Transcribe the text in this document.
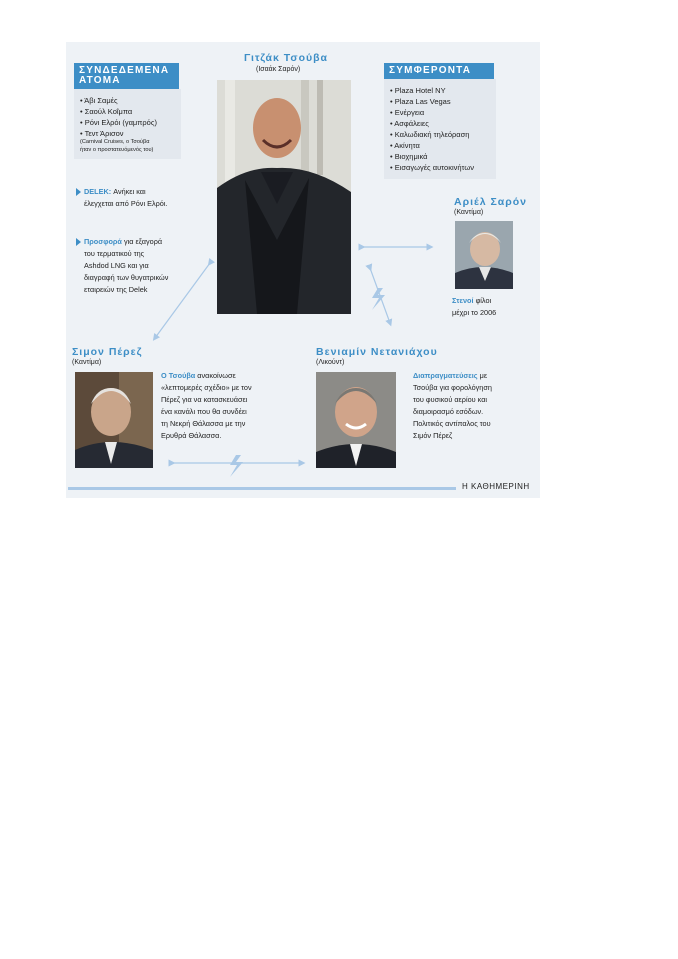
Γιτζάκ Τσούβα
(Ισαάκ Σαρόν)
ΣΥΝΔΕΔΕΜΕΝΑ
ΑΤΟΜΑ
• Άβι Σαμές
• Σαούλ Κοΐμπα
• Ρόνι Ελρόι (γαμπρός)
• Τεντ Άρισον
(Carnival Cruises, ο Τσούβα
ήταν ο προστατευόμενός του)
ΣΥΜΦΕΡΟΝΤΑ
• Plaza Hotel NY
• Plaza Las Vegas
• Ενέργεια
• Ασφάλειες
• Καλωδιακή τηλεόραση
• Ακίνητα
• Βιοχημικά
• Εισαγωγές αυτοκινήτων
DELEK: Ανήκει και
έλεγχεται από Ρόνι Ελρόι.
Προσφορά για εξαγορά
του τερματικού της
Ashdod LNG και για
διαγραφή των θυγατρικών
εταιρειών της Delek
Αριέλ Σαρόν
(Καντίμα)
Στενοί φίλοι
μέχρι το 2006
Σιμον Πέρεζ
(Καντίμα)
Ο Τσούβα ανακοίνωσε
«λεπτομερές σχέδιο» με τον
Πέρεζ για να κατασκευάσει
ένα κανάλι που θα συνδέει
τη Νεκρή Θάλασσα με την
Ερυθρά Θάλασσα.
Βενιαμίν Νετανιάχου
(Λικούντ)
Διαπραγματεύσεις με
Τσούβα για φορολόγηση
του φυσικού αερίου και
διαμοιρασμό εσόδων.
Πολιτικός αντίπαλος του
Σιμόν Πέρεζ
Η ΚΑΘΗΜΕΡΙΝΗ
